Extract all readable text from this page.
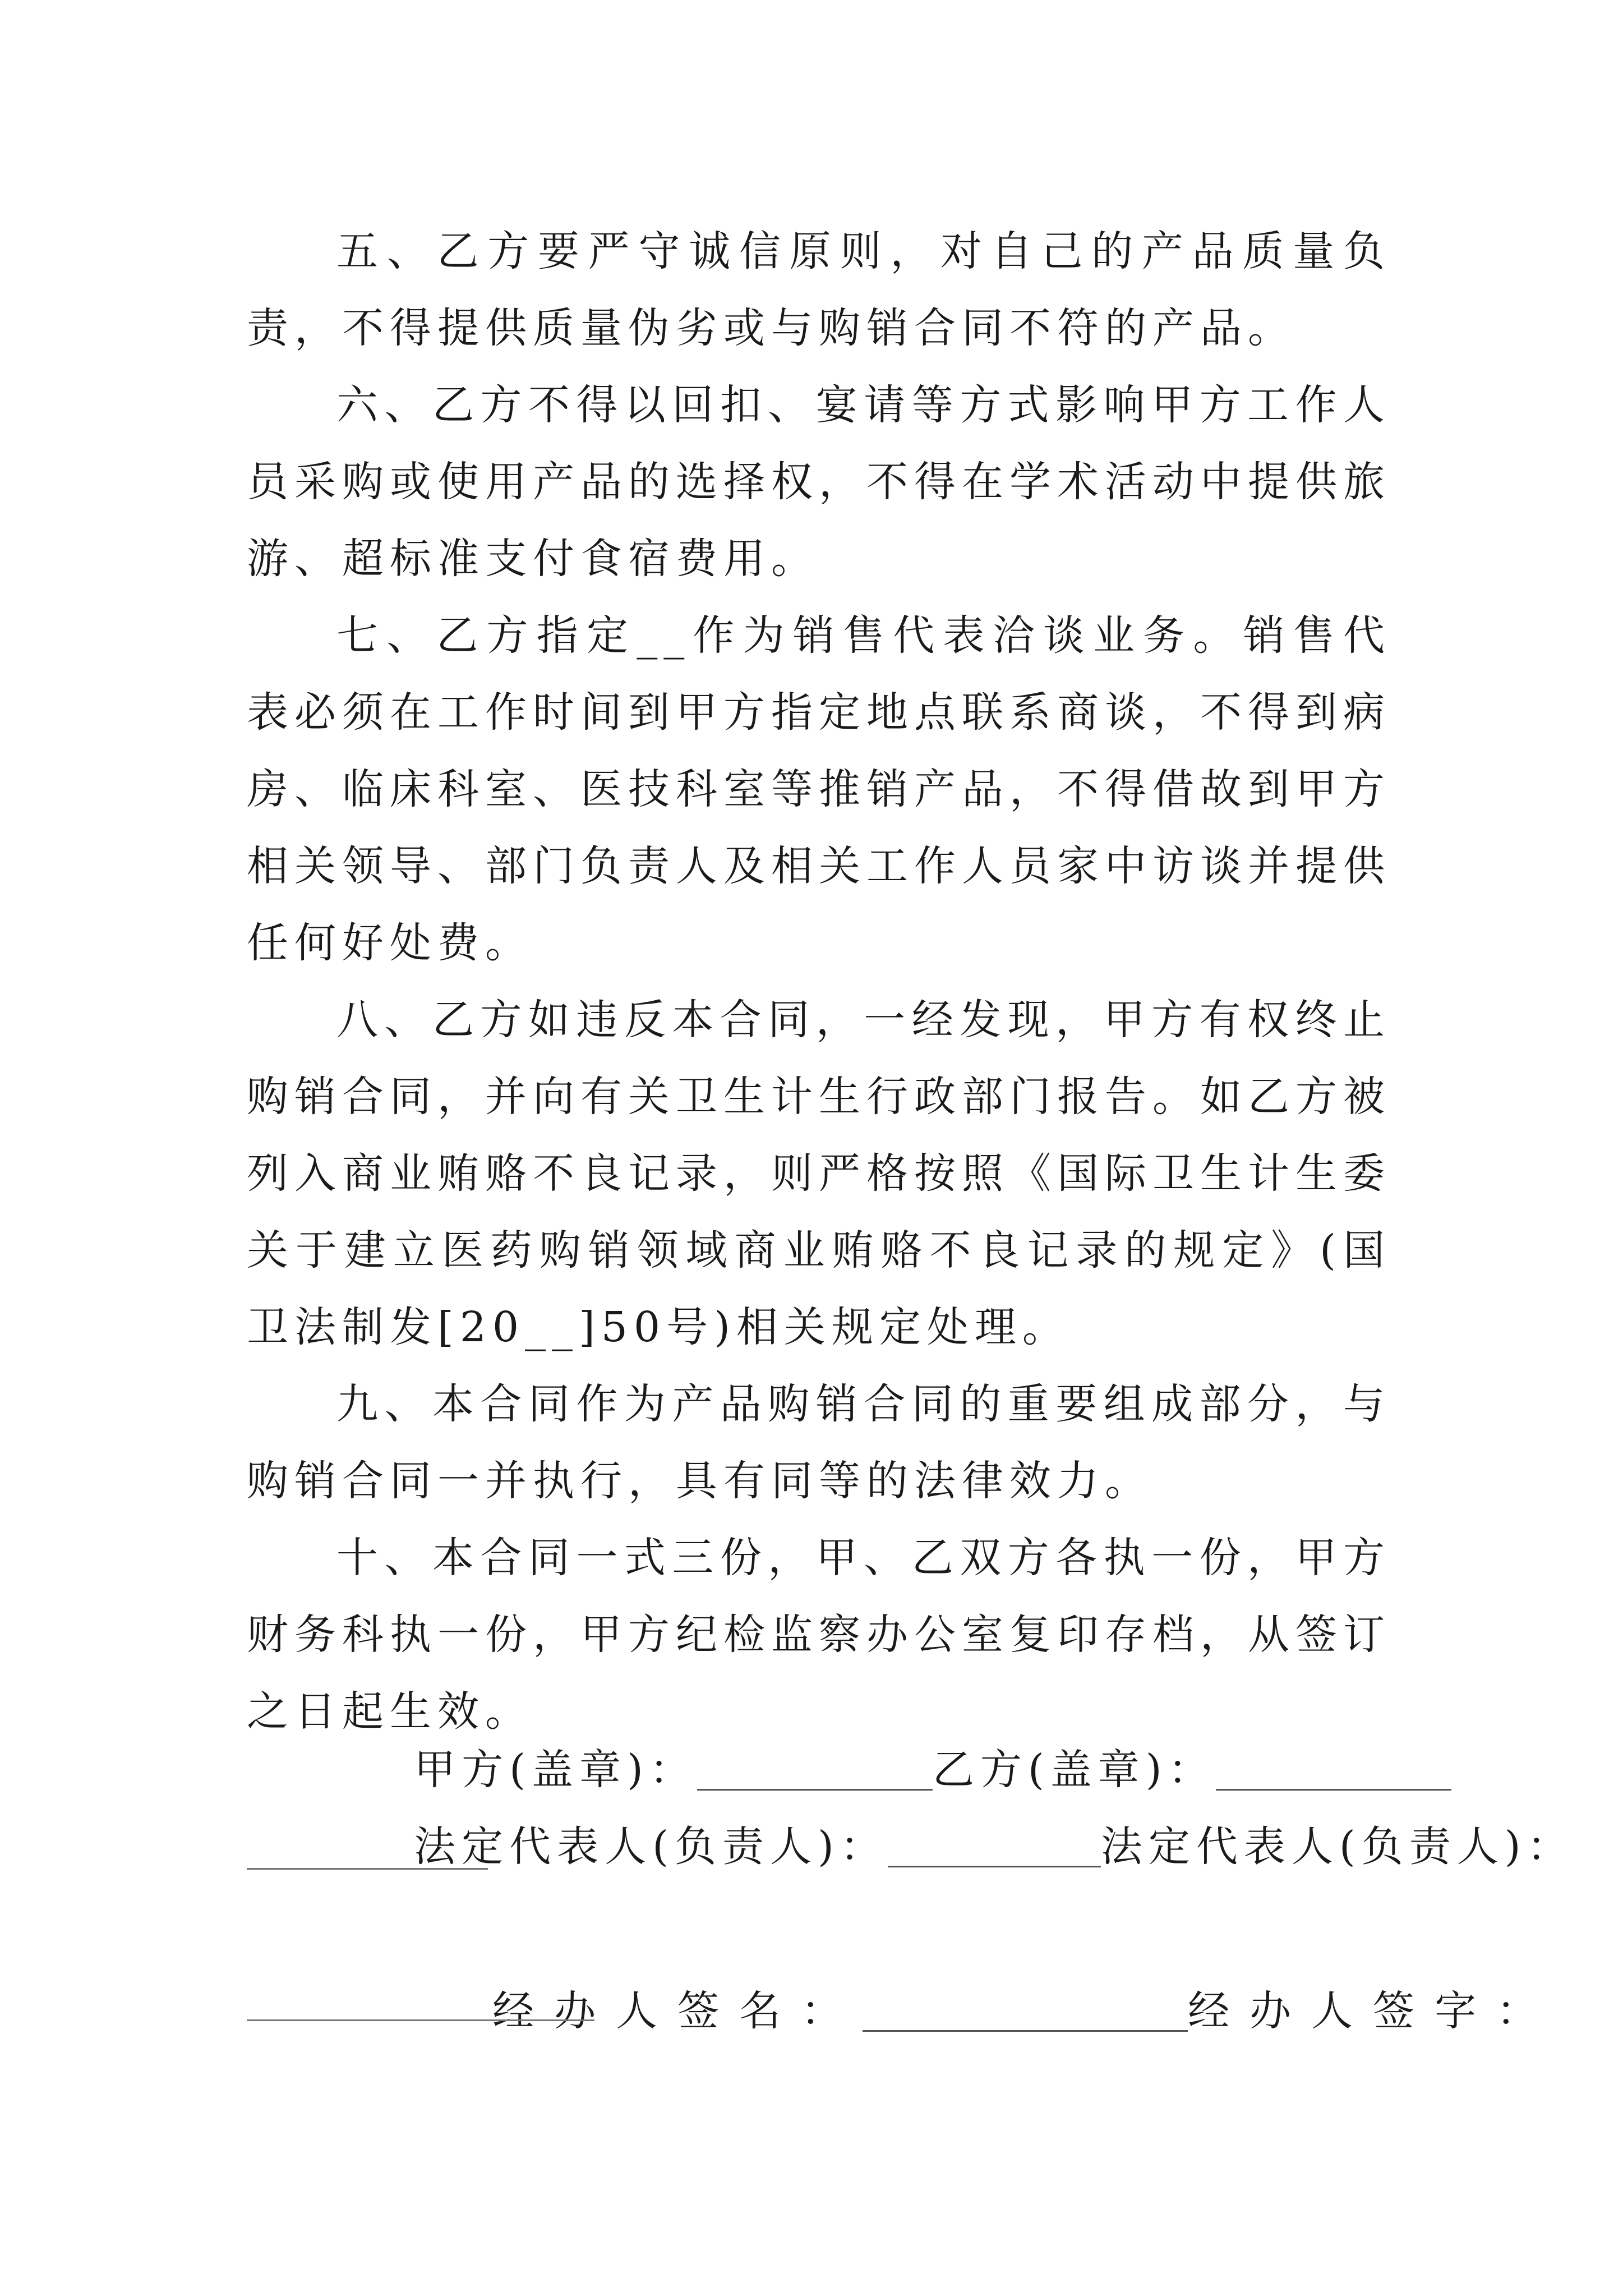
五、乙方要严守诚信原则，对自己的产品质量负责，不得提供质量伪劣或与购销合同不符的产品。

六、乙方不得以回扣、宴请等方式影响甲方工作人员采购或使用产品的选择权，不得在学术活动中提供旅游、超标准支付食宿费用。

七、乙方指定__作为销售代表洽谈业务。销售代表必须在工作时间到甲方指定地点联系商谈，不得到病房、临床科室、医技科室等推销产品，不得借故到甲方相关领导、部门负责人及相关工作人员家中访谈并提供任何好处费。

八、乙方如违反本合同，一经发现，甲方有权终止购销合同，并向有关卫生计生行政部门报告。如乙方被列入商业贿赂不良记录，则严格按照《国际卫生计生委关于建立医药购销领域商业贿赂不良记录的规定》(国卫法制发[20__]50号)相关规定处理。

九、本合同作为产品购销合同的重要组成部分，与购销合同一并执行，具有同等的法律效力。

十、本合同一式三份，甲、乙双方各执一份，甲方财务科执一份，甲方纪检监察办公室复印存档，从签订之日起生效。

甲方(盖章)：	乙方(盖章)：

法定代表人(负责人)：	法定代表人(负责人)：

经办人签名：	经办人签字：
